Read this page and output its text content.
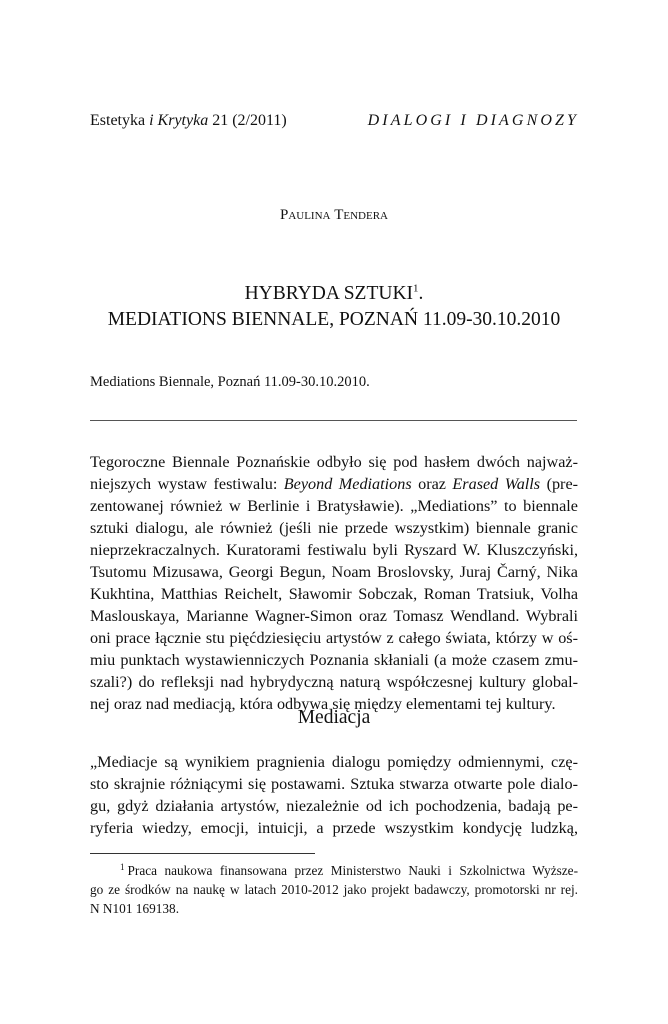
Estetyka i Krytyka 21 (2/2011)	DIALOGI I DIAGNOZY
Paulina Tendera
HYBRYDA SZTUKI$^1$.
MEDIATIONS BIENNALE, POZNAŃ 11.09-30.10.2010
Mediations Biennale, Poznań 11.09-30.10.2010.
Tegoroczne Biennale Poznańskie odbyło się pod hasłem dwóch najważ-
niejszych wystaw festiwalu: Beyond Mediations oraz Erased Walls (pre-
zentowanej również w Berlinie i Bratysławie). „Mediations” to biennale
sztuki dialogu, ale również (jeśli nie przede wszystkim) biennale granic
nieprzekraczalnych. Kuratorami festiwalu byli Ryszard W. Kluszczyński,
Tsutomu Mizusawa, Georgi Begun, Noam Broslovsky, Juraj Čarný, Nika
Kukhtina, Matthias Reichelt, Sławomir Sobczak, Roman Tratsiuk, Volha
Maslouskaya, Marianne Wagner-Simon oraz Tomasz Wendland. Wybrali
oni prace łącznie stu pięćdziesięciu artystów z całego świata, którzy w oś-
miu punktach wystawienniczych Poznania skłaniali (a może czasem zmu-
szali?) do refleksji nad hybrydyczną naturą współczesnej kultury global-
nej oraz nad mediacją, która odbywa się między elementami tej kultury.
Mediacja
„Mediacje są wynikiem pragnienia dialogu pomiędzy odmiennymi, czę-
sto skrajnie różniącymi się postawami. Sztuka stwarza otwarte pole dialo-
gu, gdyż działania artystów, niezależnie od ich pochodzenia, badają pe-
ryferia wiedzy, emocji, intuicji, a przede wszystkim kondycję ludzką,
$^1$ Praca naukowa finansowana przez Ministerstwo Nauki i Szkolnictwa Wyższe-
go ze środków na naukę w latach 2010-2012 jako projekt badawczy, promotorski nr rej.
N N101 169138.
